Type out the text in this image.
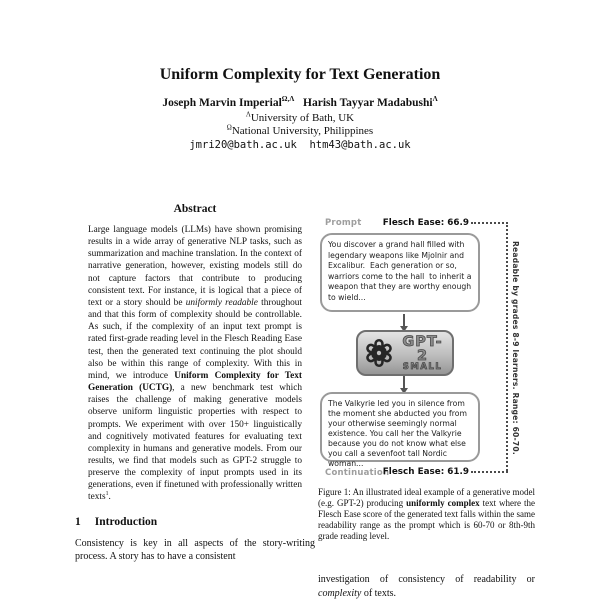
Uniform Complexity for Text Generation
Joseph Marvin Imperial$^{\Omega,\Lambda}$ Harish Tayyar Madabushi$^\Lambda$
$^\Lambda$University of Bath, UK
$^\Omega$National University, Philippines
jmri20@bath.ac.uk  htm43@bath.ac.uk
Abstract
Large language models (LLMs) have shown promising results in a wide array of generative NLP tasks, such as summarization and machine translation. In the context of narrative generation, however, existing models still do not capture factors that contribute to producing consistent text. For instance, it is logical that a piece of text or a story should be uniformly readable throughout and that this form of complexity should be controllable. As such, if the complexity of an input text prompt is rated first-grade reading level in the Flesch Reading Ease test, then the generated text continuing the plot should also be within this range of complexity. With this in mind, we introduce Uniform Complexity for Text Generation (UCTG), a new benchmark test which raises the challenge of making generative models observe uniform linguistic properties with respect to prompts. We experiment with over 150+ linguistically and cognitively motivated features for evaluating text complexity in humans and generative models. From our results, we find that models such as GPT-2 struggle to preserve the complexity of input prompts used in its generations, even if finetuned with professionally written texts$^1$.
1 Introduction
Consistency is key in all aspects of the story-writing process. A story has to have a consistent
Prompt Flesch Ease: 66.9
Readable by grades 8-9 learners. Range: 60-70.
You discover a grand hall filled with legendary weapons like Mjolnir and Excalibur.  Each generation or so, warriors come to the hall  to inherit a weapon that they are worthy enough to wield...
GPT-2
SMALL
The Valkyrie led you in silence from the moment she abducted you from your otherwise seemingly normal existence. You call her the Valkyrie because you do not know what else you call a sevenfoot tall Nordic woman...
Continuation
Flesch Ease: 61.9
Figure 1: An illustrated ideal example of a generative model (e.g. GPT-2) producing uniformly complex text where the Flesch Ease score of the generated text falls within the same readability range as the prompt which is 60-70 or 8th-9th grade reading level.
investigation of consistency of readability or complexity of texts.
